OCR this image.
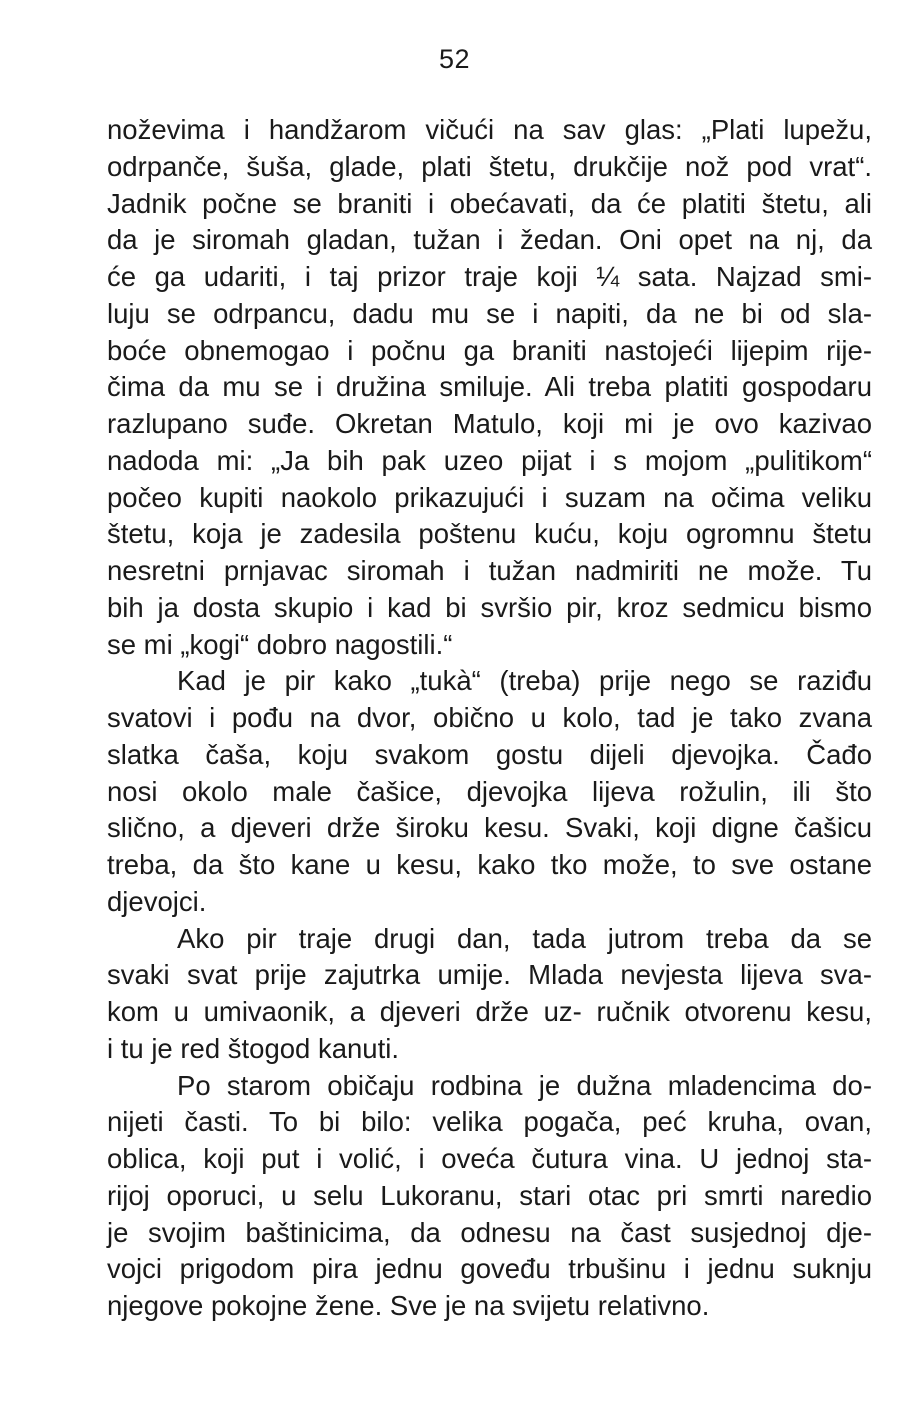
52
noževima i handžarom vičući na sav glas: „Plati lupežu,
odrpanče, šuša, glade, plati štetu, drukčije nož pod vrat“.
Jadnik počne se braniti i obećavati, da će platiti štetu, ali
da je siromah gladan, tužan i žedan. Oni opet na nj, da
će ga udariti, i taj prizor traje koji ¼ sata. Najzad smi-
luju se odrpancu, dadu mu se i napiti, da ne bi od sla-
boće obnemogao i počnu ga braniti nastojeći lijepim rije-
čima da mu se i družina smiluje. Ali treba platiti gospodaru
razlupano suđe. Okretan Matulo, koji mi je ovo kazivao
nadoda mi: „Ja bih pak uzeo pijat i s mojom „pulitikom“
počeo kupiti naokolo prikazujući i suzam na očima veliku
štetu, koja je zadesila poštenu kuću, koju ogromnu štetu
nesretni prnjavac siromah i tužan nadmiriti ne može. Tu
bih ja dosta skupio i kad bi svršio pir, kroz sedmicu bismo
se mi „kogi“ dobro nagostili.“
Kad je pir kako „tukà“ (treba) prije nego se raziđu
svatovi i pođu na dvor, obično u kolo, tad je tako zvana
slatka čaša, koju svakom gostu dijeli djevojka. Čađo
nosi okolo male čašice, djevojka lijeva rožulin, ili što
slično, a djeveri drže široku kesu. Svaki, koji digne čašicu
treba, da što kane u kesu, kako tko može, to sve ostane
djevojci.
Ako pir traje drugi dan, tada jutrom treba da se
svaki svat prije zajutrka umije. Mlada nevjesta lijeva sva-
kom u umivaonik, a djeveri drže uz- ručnik otvorenu kesu,
i tu je red štogod kanuti.
Po starom običaju rodbina je dužna mladencima do-
nijeti časti. To bi bilo: velika pogača, peć kruha, ovan,
oblica, koji put i volić, i oveća čutura vina. U jednoj sta-
rijoj oporuci, u selu Lukoranu, stari otac pri smrti naredio
je svojim baštinicima, da odnesu na čast susjednoj dje-
vojci prigodom pira jednu goveđu trbušinu i jednu suknju
njegove pokojne žene. Sve je na svijetu relativno.
